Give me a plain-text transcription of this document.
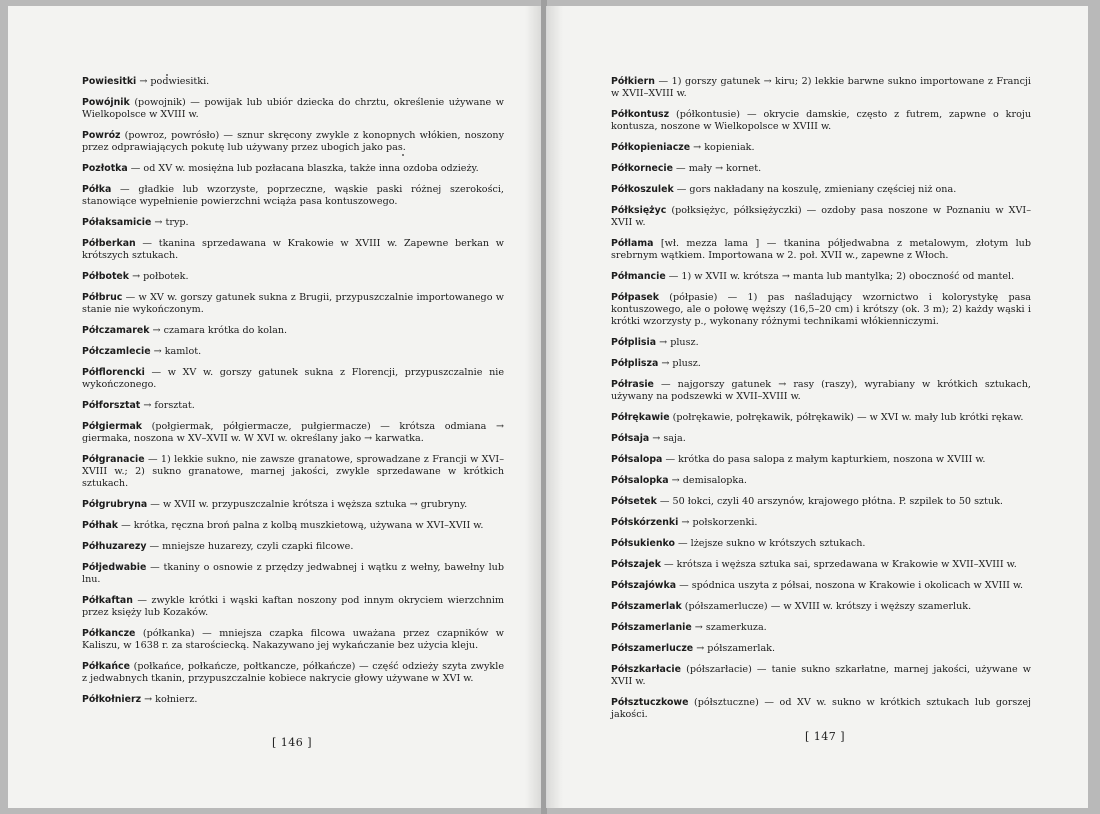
Powiesitki → podwiesitki.

Powójnik (powojnik) — powijak lub ubiór dziecka do chrztu, określenie używane w Wielkopolsce w XVIII w.

Powróz (powroz, powrósło) — sznur skręcony zwykle z konopnych włókien, noszony przez odprawiających pokutę lub używany przez ubogich jako pas.

Pozłotka — od XV w. mosiężna lub pozłacana blaszka, także inna ozdoba odzieży.

Półka — gładkie lub wzorzyste, poprzeczne, wąskie paski różnej szerokości, stanowiące wypełnienie powierzchni wciąża pasa kontuszowego.

Półaksamicie → tryp.

Półberkan — tkanina sprzedawana w Krakowie w XVIII w. Zapewne berkan w krótszych sztukach.

Półbotek → połbotek.

Półbruc — w XV w. gorszy gatunek sukna z Brugii, przypuszczalnie importowanego w stanie nie wykończonym.

Półczamarek → czamara krótka do kolan.

Półczamlecie → kamlot.

Półflorencki — w XV w. gorszy gatunek sukna z Florencji, przypuszczalnie nie wykończonego.

Półforsztat → forsztat.

Półgiermak (połgiermak, półgiermacze, pułgiermacze) — krótsza odmiana → giermaka, noszona w XV–XVII w. W XVI w. określany jako → karwatka.

Półgranacie — 1) lekkie sukno, nie zawsze granatowe, sprowadzane z Francji w XVI–XVIII w.; 2) sukno granatowe, marnej jakości, zwykle sprzedawane w krótkich sztukach.

Półgrubryna — w XVII w. przypuszczalnie krótsza i węższa sztuka → grubryny.

Półhak — krótka, ręczna broń palna z kolbą muszkietową, używana w XVI–XVII w.

Półhuzarezy — mniejsze huzarezy, czyli czapki filcowe.

Półjedwabie — tkaniny o osnowie z przędzy jedwabnej i wątku z wełny, bawełny lub lnu.

Półkaftan — zwykle krótki i wąski kaftan noszony pod innym okryciem wierzchnim przez księży lub Kozaków.

Półkancze (półkanka) — mniejsza czapka filcowa uważana przez czapników w Kaliszu, w 1638 r. za starościecką. Nakazywano jej wykańczanie bez użycia kleju.

Półkańce (połkańce, połkańcze, połtkancze, półkańcze) — część odzieży szyta zwykle z jedwabnych tkanin, przypuszczalnie kobiece nakrycie głowy używane w XVI w.

Półkołnierz → kołnierz.

[ 146 ]

Półkiern — 1) gorszy gatunek → kiru; 2) lekkie barwne sukno importowane z Francji w XVII–XVIII w.

Półkontusz (półkontusie) — okrycie damskie, często z futrem, zapwne o kroju kontusza, noszone w Wielkopolsce w XVIII w.

Półkopieniacze → kopieniak.

Półkornecie — mały → kornet.

Półkoszulek — gors nakładany na koszulę, zmieniany częściej niż ona.

Półksiężyc (połksiężyc, półksiężyczki) — ozdoby pasa noszone w Poznaniu w XVI–XVII w.

Półlama [wł. mezza lama ] — tkanina półjedwabna z metalowym, złotym lub srebrnym wątkiem. Importowana w 2. poł. XVII w., zapewne z Włoch.

Półmancie — 1) w XVII w. krótsza → manta lub mantylka; 2) oboczność od mantel.

Półpasek (półpasie) — 1) pas naśladujący wzornictwo i kolorystykę pasa kontuszowego, ale o połowę węższy (16,5–20 cm) i krótszy (ok. 3 m); 2) każdy wąski i krótki wzorzysty p., wykonany różnymi technikami włókienniczymi.

Półplisia → plusz.

Półplisza → plusz.

Półrasie — najgorszy gatunek → rasy (raszy), wyrabiany w krótkich sztukach, używany na podszewki w XVII–XVIII w.

Półrękawie (połrękawie, połrękawik, półrękawik) — w XVI w. mały lub krótki rękaw.

Półsaja → saja.

Półsalopa — krótka do pasa salopa z małym kapturkiem, noszona w XVIII w.

Półsalopka → demisalopka.

Półsetek — 50 łokci, czyli 40 arszynów, krajowego płótna. P. szpilek to 50 sztuk.

Półskórzenki → połskorzenki.

Półsukienko — lżejsze sukno w krótszych sztukach.

Półszajek — krótsza i węższa sztuka sai, sprzedawana w Krakowie w XVII–XVIII w.

Półszajówka — spódnica uszyta z półsai, noszona w Krakowie i okolicach w XVIII w.

Półszamerlak (półszamerlucze) — w XVIII w. krótszy i węższy szamerluk.

Półszamerlanie → szamerkuza.

Półszamerlucze → półszamerlak.

Półszkarłacie (półszarłacie) — tanie sukno szkarłatne, marnej jakości, używane w XVII w.

Półsztuczkowe (półsztuczne) — od XV w. sukno w krótkich sztukach lub gorszej jakości.

[ 147 ]
